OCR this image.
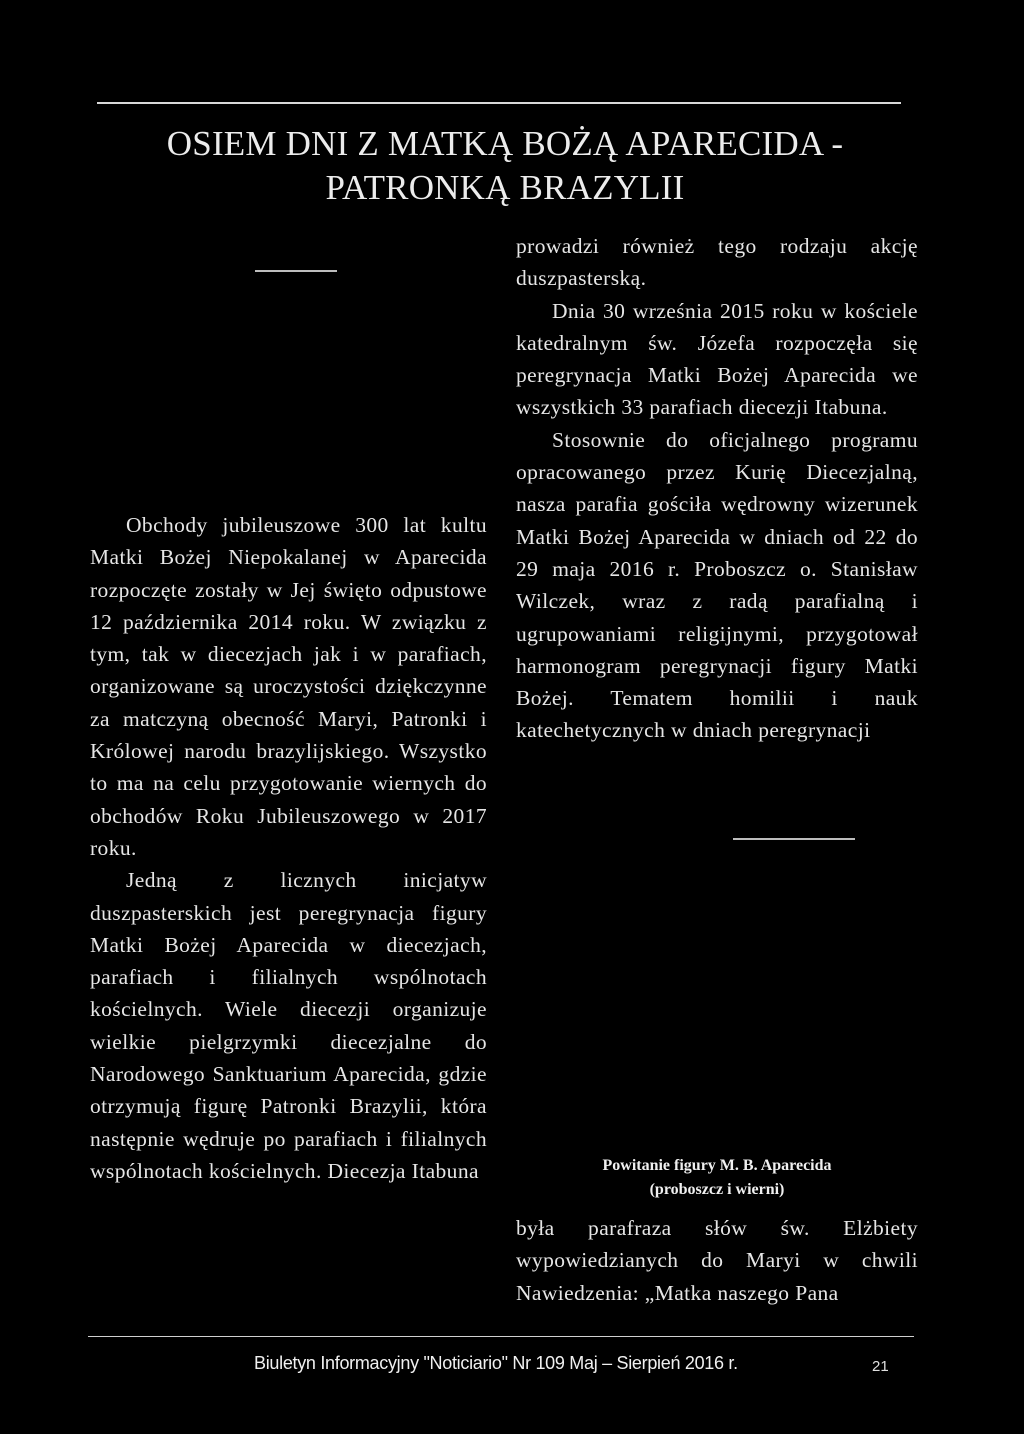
OSIEM DNI Z MATKĄ BOŻĄ APARECIDA -
PATRONKĄ BRAZYLII

Obchody jubileuszowe 300 lat kultu Matki Bożej Niepokalanej w Aparecida rozpoczęte zostały w Jej święto odpustowe 12 października 2014 roku. W związku z tym, tak w diecezjach jak i w parafiach, organizowane są uroczystości dziękczynne za matczyną obecność Maryi, Patronki i Królowej narodu brazylijskiego. Wszystko to ma na celu przygotowanie wiernych do obchodów Roku Jubileuszowego w 2017 roku.

Jedną z licznych inicjatyw duszpasterskich jest peregrynacja figury Matki Bożej Aparecida w diecezjach, parafiach i filialnych wspólnotach kościelnych. Wiele diecezji organizuje wielkie pielgrzymki diecezjalne do Narodowego Sanktuarium Aparecida, gdzie otrzymują figurę Patronki Brazylii, która następnie wędruje po parafiach i filialnych wspólnotach kościelnych. Diecezja Itabuna

prowadzi również tego rodzaju akcję duszpasterską.

Dnia 30 września 2015 roku w kościele katedralnym św. Józefa rozpoczęła się peregrynacja Matki Bożej Aparecida we wszystkich 33 parafiach diecezji Itabuna.

Stosownie do oficjalnego programu opracowanego przez Kurię Diecezjalną, nasza parafia gościła wędrowny wizerunek Matki Bożej Aparecida w dniach od 22 do 29 maja 2016 r. Proboszcz o. Stanisław Wilczek, wraz z radą parafialną i ugrupowaniami religijnymi, przygotował harmonogram peregrynacji figury Matki Bożej. Tematem homilii i nauk katechetycznych w dniach peregrynacji

Powitanie figury M. B. Aparecida
(proboszcz i wierni)

była parafraza słów św. Elżbiety wypowiedzianych do Maryi w chwili Nawiedzenia: „Matka naszego Pana

Biuletyn Informacyjny "Noticiario" Nr 109 Maj – Sierpień 2016 r.	21
